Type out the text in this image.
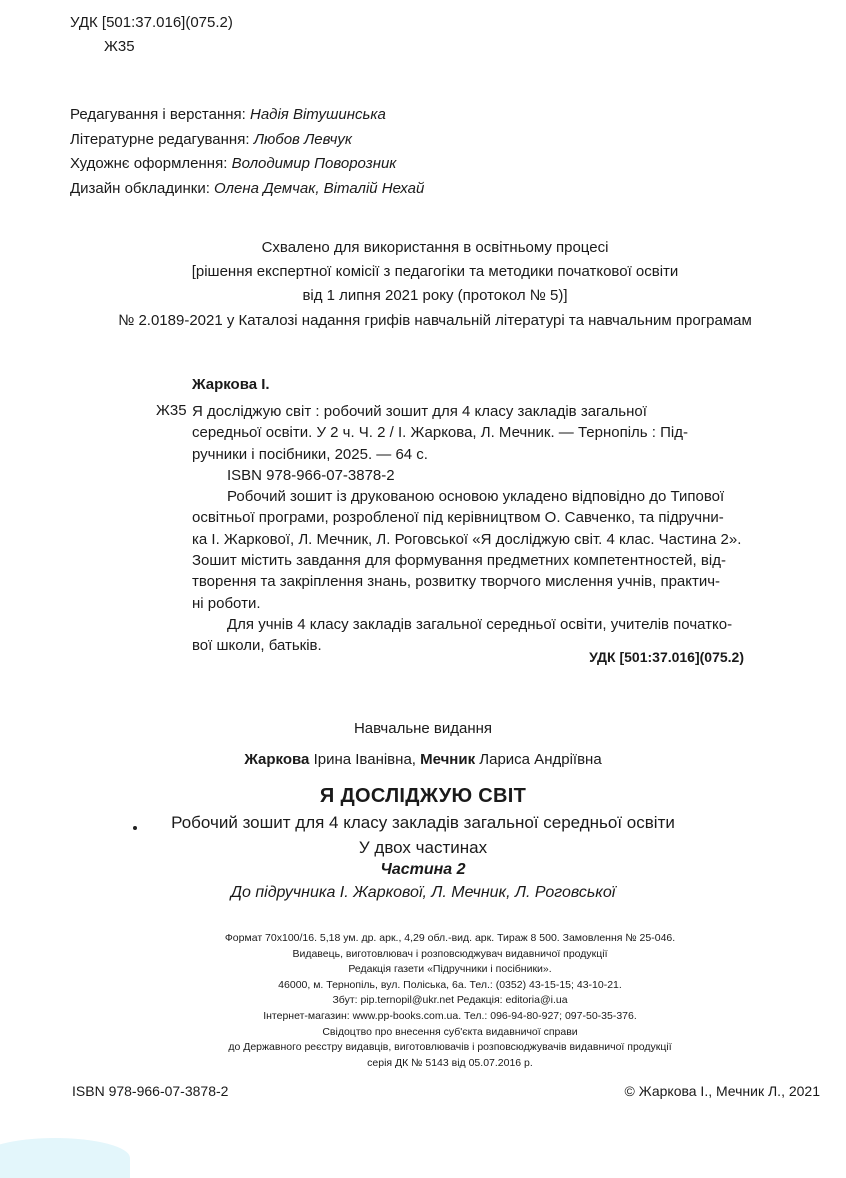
УДК [501:37.016](075.2)
Ж35
Редагування і верстання: Надія Вітушинська
Літературне редагування: Любов Левчук
Художнє оформлення: Володимир Поворозник
Дизайн обкладинки: Олена Демчак, Віталій Нехай
Схвалено для використання в освітньому процесі
[рішення експертної комісії з педагогіки та методики початкової освіти
від 1 липня 2021 року (протокол № 5)]
№ 2.0189-2021 у Каталозі надання грифів навчальній літературі та навчальним програмам
Жаркова І.
Ж35 Я досліджую світ : робочий зошит для 4 класу закладів загальної
середньої освіти. У 2 ч. Ч. 2 / І. Жаркова, Л. Мечник. — Тернопіль : Під-
ручники і посібники, 2025. — 64 с.
ISBN 978-966-07-3878-2
Робочий зошит із друкованою основою укладено відповідно до Типової
освітньої програми, розробленої під керівництвом О. Савченко, та підручни-
ка І. Жаркової, Л. Мечник, Л. Роговської «Я досліджую світ. 4 клас. Частина 2».
Зошит містить завдання для формування предметних компетентностей, від-
творення та закріплення знань, розвитку творчого мислення учнів, практич-
ні роботи.
Для учнів 4 класу закладів загальної середньої освіти, учителів початко-
вої школи, батьків.
УДК [501:37.016](075.2)
Навчальне видання
Жаркова Ірина Іванівна, Мечник Лариса Андріївна
Я ДОСЛІДЖУЮ СВІТ
Робочий зошит для 4 класу закладів загальної середньої освіти
У двох частинах
Частина 2
До підручника І. Жаркової, Л. Мечник, Л. Роговської
Формат 70x100/16. 5,18 ум. др. арк., 4,29 обл.-вид. арк. Тираж 8 500. Замовлення № 25-046.
Видавець, виготовлювач і розповсюджувач видавничої продукції
Редакція газети «Підручники і посібники».
46000, м. Тернопіль, вул. Поліська, 6а. Тел.: (0352) 43-15-15; 43-10-21.
Збут: pip.ternopil@ukr.net Редакція: editoria@i.ua
Інтернет-магазин: www.pp-books.com.ua. Тел.: 096-94-80-927; 097-50-35-376.
Свідоцтво про внесення суб'єкта видавничої справи
до Державного реєстру видавців, виготовлювачів і розповсюджувачів видавничої продукції
серія ДК № 5143 від 05.07.2016 р.
ISBN 978-966-07-3878-2	© Жаркова І., Мечник Л., 2021
